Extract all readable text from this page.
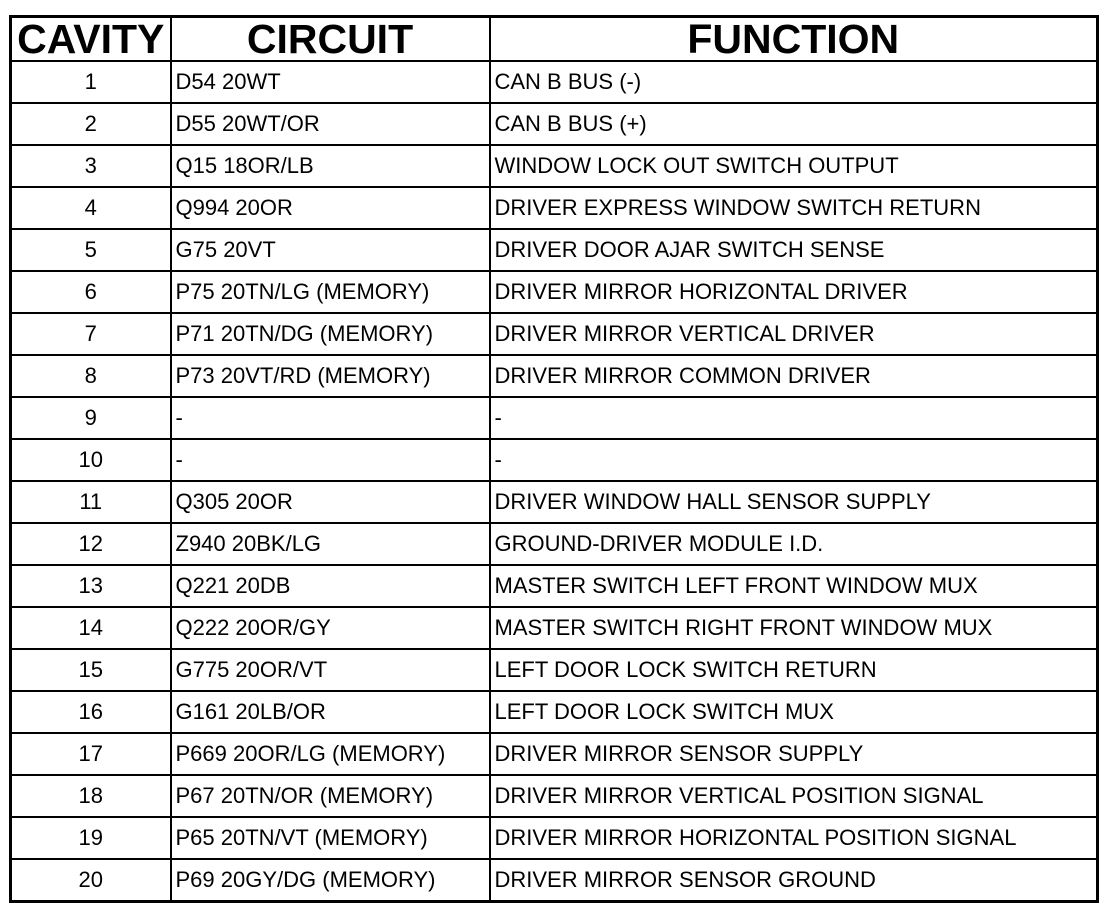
CAVITY	CIRCUIT	FUNCTION
1	D54 20WT	CAN B BUS (-)
2	D55 20WT/OR	CAN B BUS (+)
3	Q15 18OR/LB	WINDOW LOCK OUT SWITCH OUTPUT
4	Q994 20OR	DRIVER EXPRESS WINDOW SWITCH RETURN
5	G75 20VT	DRIVER DOOR AJAR SWITCH SENSE
6	P75 20TN/LG (MEMORY)	DRIVER MIRROR HORIZONTAL DRIVER
7	P71 20TN/DG (MEMORY)	DRIVER MIRROR VERTICAL DRIVER
8	P73 20VT/RD (MEMORY)	DRIVER MIRROR COMMON DRIVER
9	-	-
10	-	-
11	Q305 20OR	DRIVER WINDOW HALL SENSOR SUPPLY
12	Z940 20BK/LG	GROUND-DRIVER MODULE I.D.
13	Q221 20DB	MASTER SWITCH LEFT FRONT WINDOW MUX
14	Q222 20OR/GY	MASTER SWITCH RIGHT FRONT WINDOW MUX
15	G775 20OR/VT	LEFT DOOR LOCK SWITCH RETURN
16	G161 20LB/OR	LEFT DOOR LOCK SWITCH MUX
17	P669 20OR/LG (MEMORY)	DRIVER MIRROR SENSOR SUPPLY
18	P67 20TN/OR (MEMORY)	DRIVER MIRROR VERTICAL POSITION SIGNAL
19	P65 20TN/VT (MEMORY)	DRIVER MIRROR HORIZONTAL POSITION SIGNAL
20	P69 20GY/DG (MEMORY)	DRIVER MIRROR SENSOR GROUND
